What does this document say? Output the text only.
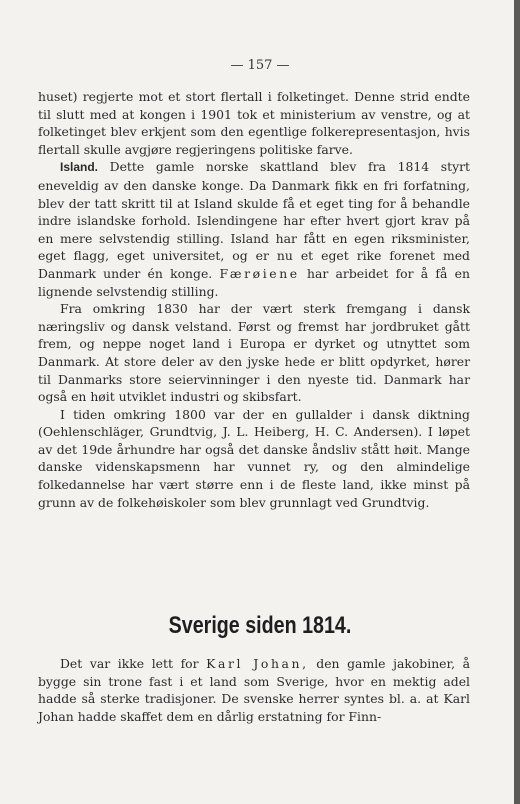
— 157 —

huset) regjerte mot et stort flertall i folketinget. Denne strid endte til slutt med at kongen i 1901 tok et ministerium av venstre, og at folketinget blev erkjent som den egentlige folkerepresentasjon, hvis flertall skulle avgjøre regjeringens politiske farve.

Island. Dette gamle norske skattland blev fra 1814 styrt eneveldig av den danske konge. Da Danmark fikk en fri forfatning, blev der tatt skritt til at Island skulde få et eget ting for å behandle indre islandske forhold. Islendingene har efter hvert gjort krav på en mere selvstendig stilling. Island har fått en egen riksminister, eget flagg, eget universitet, og er nu et eget rike forenet med Danmark under én konge. Færøiene har arbeidet for å få en lignende selvstendig stilling.

Fra omkring 1830 har der vært sterk fremgang i dansk næringsliv og dansk velstand. Først og fremst har jordbruket gått frem, og neppe noget land i Europa er dyrket og utnyttet som Danmark. At store deler av den jyske hede er blitt opdyrket, hører til Danmarks store seiervinninger i den nyeste tid. Danmark har også en høit utviklet industri og skibsfart.

I tiden omkring 1800 var der en gullalder i dansk diktning (Oehlenschläger, Grundtvig, J. L. Heiberg, H. C. Andersen). I løpet av det 19de århundre har også det danske åndsliv stått høit. Mange danske videnskapsmenn har vunnet ry, og den almindelige folkedannelse har vært større enn i de fleste land, ikke minst på grunn av de folkehøiskoler som blev grunnlagt ved Grundtvig.

Sverige siden 1814.

Det var ikke lett for Karl Johan, den gamle jakobiner, å bygge sin trone fast i et land som Sverige, hvor en mektig adel hadde så sterke tradisjoner. De svenske herrer syntes bl. a. at Karl Johan hadde skaffet dem en dårlig erstatning for Finn-
